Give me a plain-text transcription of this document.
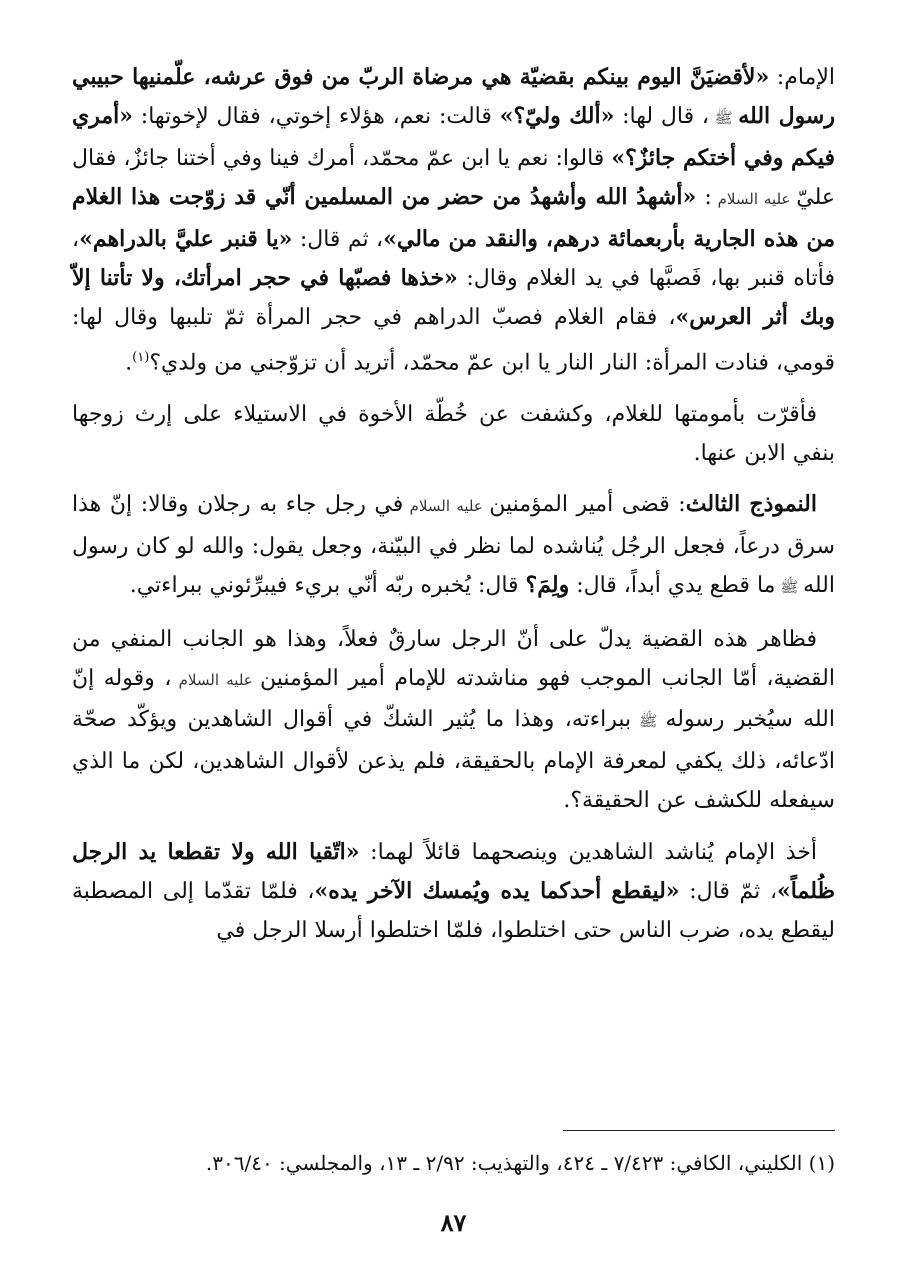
الإمام: «لأقضيَنَّ اليوم بينكم بقضيّة هي مرضاة الربّ من فوق عرشه، علّمنيها حبيبي رسول الله ﷺ ، قال لها: «ألك وليّ؟» قالت: نعم، هؤلاء إخوتي، فقال لإخوتها: «أمري فيكم وفي أختكم جائزٌ؟» قالوا: نعم يا ابن عمّ محمّد، أمرك فينا وفي أختنا جائزٌ، فقال عليّ عليه السلام : «أشهدُ الله وأشهدُ من حضر من المسلمين أنّي قد زوّجت هذا الغلام من هذه الجارية بأربعمائة درهم، والنقد من مالي»، ثم قال: «يا قنبر عليَّ بالدراهم»، فأتاه قنبر بها، فَصبَّها في يد الغلام وقال: «خذها فصبّها في حجر امرأتك، ولا تأتنا إلاّ وبك أثر العرس»، فقام الغلام فصبّ الدراهم في حجر المرأة ثمّ تلببها وقال لها: قومي، فنادت المرأة: النار النار يا ابن عمّ محمّد، أتريد أن تزوّجني من ولدي؟$^{(١)}$.

فأقرّت بأمومتها للغلام، وكشفت عن خُطّة الأخوة في الاستيلاء على إرث زوجها بنفي الابن عنها.

النموذج الثالث: قضى أمير المؤمنين عليه السلام في رجل جاء به رجلان وقالا: إنّ هذا سرق درعاً، فجعل الرجُل يُناشده لما نظر في البيّنة، وجعل يقول: والله لو كان رسول الله ﷺ ما قطع يدي أبداً، قال: ولِمَ؟ قال: يُخبره ربّه أنّي بريء فيبرِّئوني ببراءتي.

فظاهر هذه القضية يدلّ على أنّ الرجل سارقٌ فعلاً، وهذا هو الجانب المنفي من القضية، أمّا الجانب الموجب فهو مناشدته للإمام أمير المؤمنين عليه السلام ، وقوله إنّ الله سيُخبر رسوله ﷺ ببراءته، وهذا ما يُثير الشكّ في أقوال الشاهدين ويؤكّد صحّة ادّعائه، ذلك يكفي لمعرفة الإمام بالحقيقة، فلم يذعن لأقوال الشاهدين، لكن ما الذي سيفعله للكشف عن الحقيقة؟.

أخذ الإمام يُناشد الشاهدين وينصحهما قائلاً لهما: «اتّقيا الله ولا تقطعا يد الرجل ظُلماً»، ثمّ قال: «ليقطع أحدكما يده ويُمسك الآخر يده»، فلمّا تقدّما إلى المصطبة ليقطع يده، ضرب الناس حتى اختلطوا، فلمّا اختلطوا أرسلا الرجل في

(١) الكليني، الكافي: ٧/٤٢٣ ـ ٤٢٤، والتهذيب: ٢/٩٢ ـ ١٣، والمجلسي: ٣٠٦/٤٠.
٨٧
